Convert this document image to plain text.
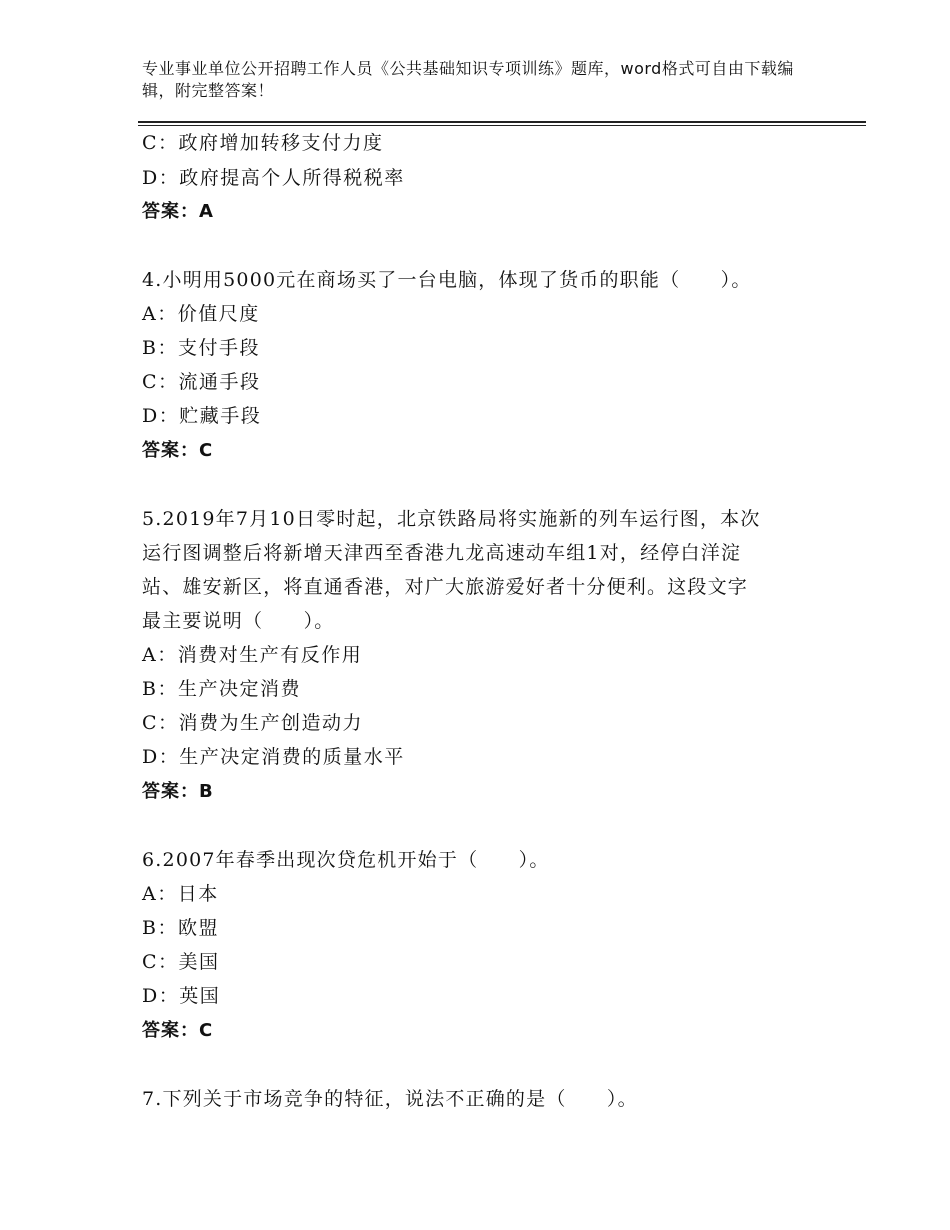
专业事业单位公开招聘工作人员《公共基础知识专项训练》题库，word格式可自由下载编辑，附完整答案！
C：政府增加转移支付力度
D：政府提高个人所得税税率
答案：A
4.小明用5000元在商场买了一台电脑，体现了货币的职能（　　）。
A：价值尺度
B：支付手段
C：流通手段
D：贮藏手段
答案：C
5.2019年7月10日零时起，北京铁路局将实施新的列车运行图，本次
运行图调整后将新增天津西至香港九龙高速动车组1对，经停白洋淀
站、雄安新区，将直通香港，对广大旅游爱好者十分便利。这段文字
最主要说明（　　）。
A：消费对生产有反作用
B：生产决定消费
C：消费为生产创造动力
D：生产决定消费的质量水平
答案：B
6.2007年春季出现次贷危机开始于（　　）。
A：日本
B：欧盟
C：美国
D：英国
答案：C
7.下列关于市场竞争的特征，说法不正确的是（　　）。
